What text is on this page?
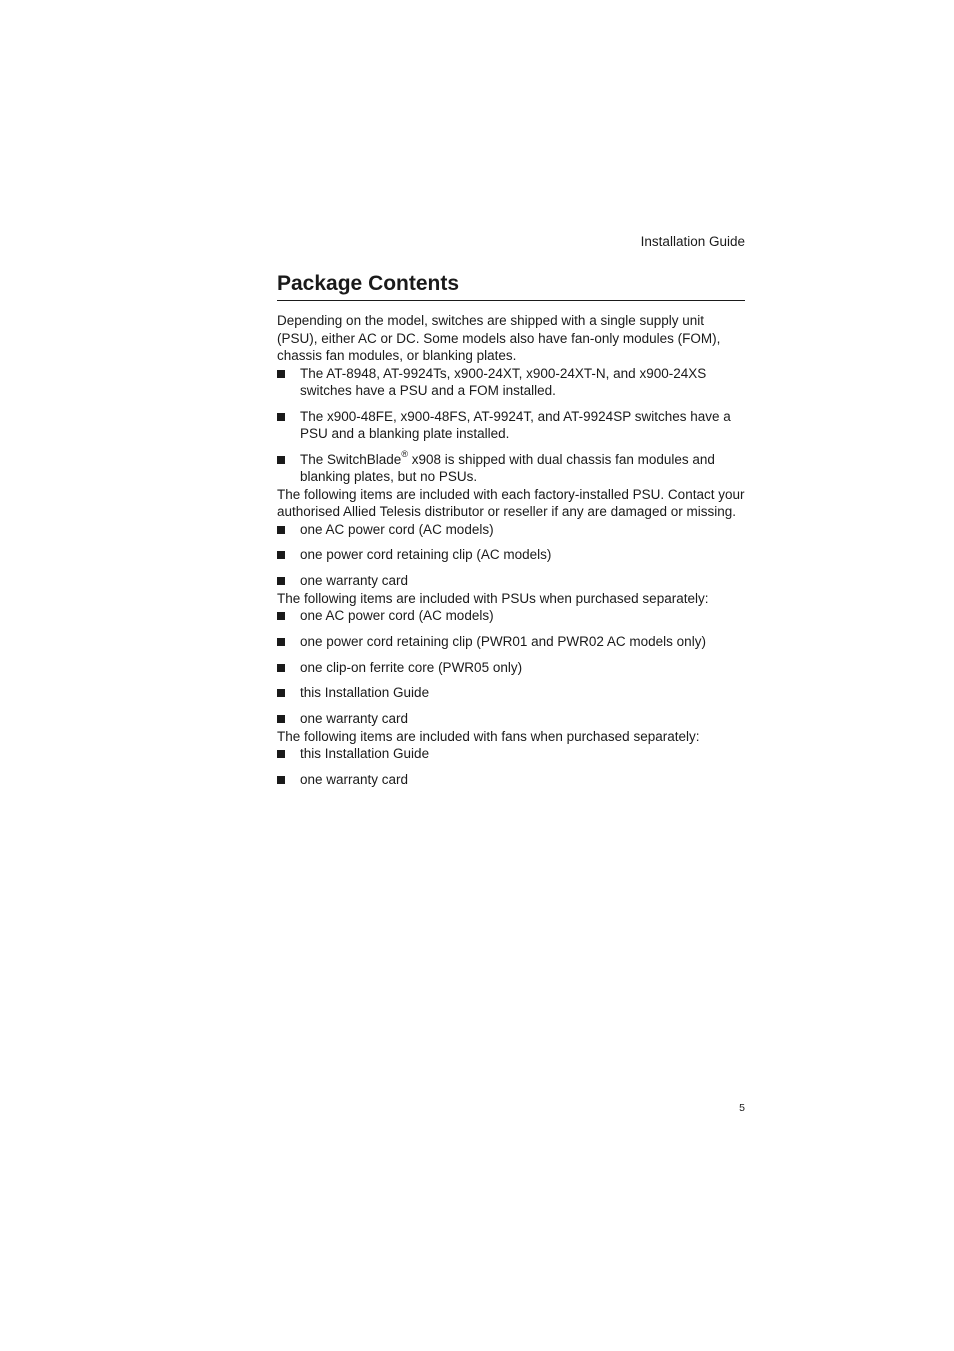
Installation Guide
Package Contents

Depending on the model, switches are shipped with a single supply unit (PSU), either AC or DC. Some models also have fan-only modules (FOM), chassis fan modules, or blanking plates.

The AT-8948, AT-9924Ts, x900-24XT, x900-24XT-N, and x900-24XS switches have a PSU and a FOM installed.
The x900-48FE, x900-48FS, AT-9924T, and AT-9924SP switches have a PSU and a blanking plate installed.
The SwitchBlade® x908 is shipped with dual chassis fan modules and blanking plates, but no PSUs.

The following items are included with each factory-installed PSU. Contact your authorised Allied Telesis distributor or reseller if any are damaged or missing.

one AC power cord (AC models)
one power cord retaining clip (AC models)
one warranty card

The following items are included with PSUs when purchased separately:

one AC power cord (AC models)
one power cord retaining clip (PWR01 and PWR02 AC models only)
one clip-on ferrite core (PWR05 only)
this Installation Guide
one warranty card

The following items are included with fans when purchased separately:

this Installation Guide
one warranty card
5
